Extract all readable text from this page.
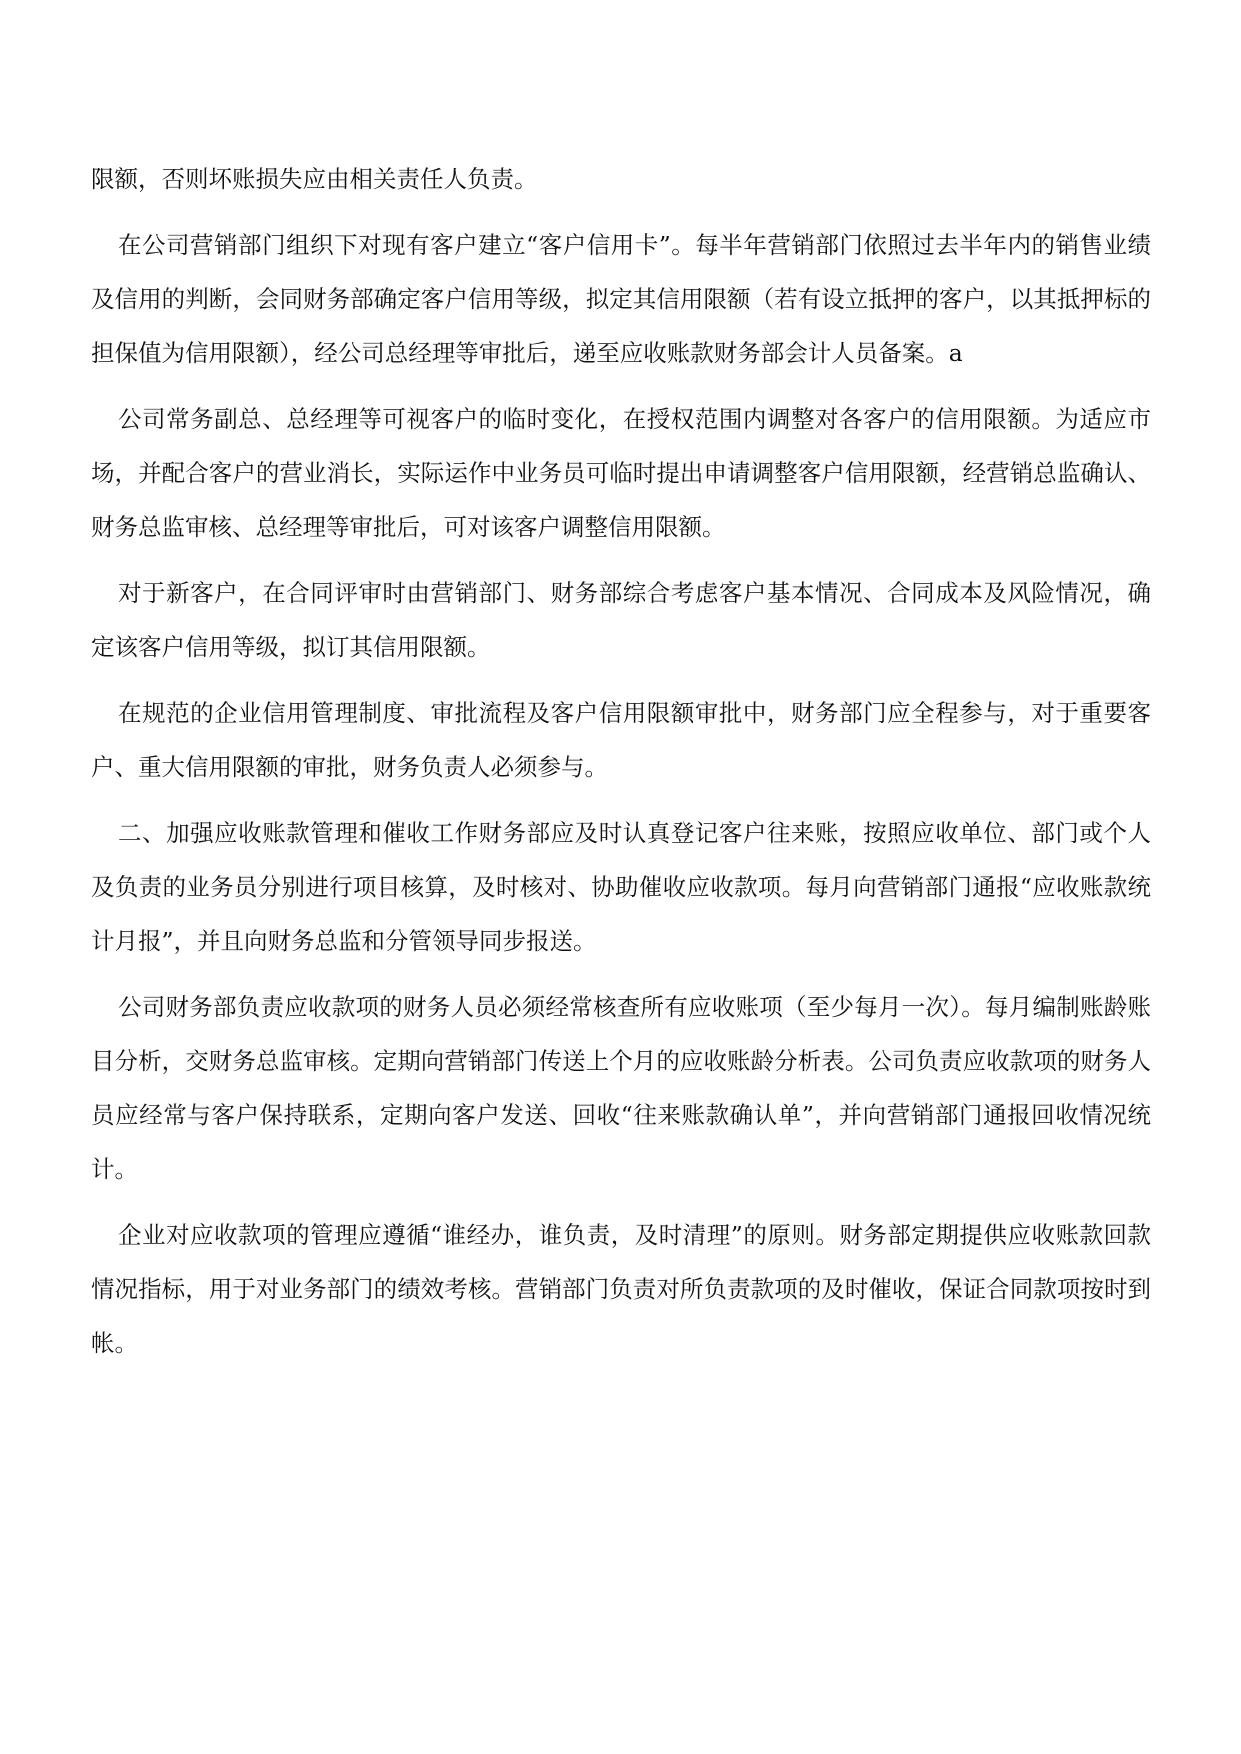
限额，否则坏账损失应由相关责任人负责。

在公司营销部门组织下对现有客户建立“客户信用卡”。每半年营销部门依照过去半年内的销售业绩及信用的判断，会同财务部确定客户信用等级，拟定其信用限额（若有设立抵押的客户，以其抵押标的担保值为信用限额），经公司总经理等审批后，递至应收账款财务部会计人员备案。a

公司常务副总、总经理等可视客户的临时变化，在授权范围内调整对各客户的信用限额。为适应市场，并配合客户的营业消长，实际运作中业务员可临时提出申请调整客户信用限额，经营销总监确认、财务总监审核、总经理等审批后，可对该客户调整信用限额。

对于新客户，在合同评审时由营销部门、财务部综合考虑客户基本情况、合同成本及风险情况，确定该客户信用等级，拟订其信用限额。

在规范的企业信用管理制度、审批流程及客户信用限额审批中，财务部门应全程参与，对于重要客户、重大信用限额的审批，财务负责人必须参与。

二、加强应收账款管理和催收工作财务部应及时认真登记客户往来账，按照应收单位、部门或个人及负责的业务员分别进行项目核算，及时核对、协助催收应收款项。每月向营销部门通报“应收账款统计月报”，并且向财务总监和分管领导同步报送。

公司财务部负责应收款项的财务人员必须经常核查所有应收账项（至少每月一次）。每月编制账龄账目分析，交财务总监审核。定期向营销部门传送上个月的应收账龄分析表。公司负责应收款项的财务人员应经常与客户保持联系，定期向客户发送、回收“往来账款确认单”，并向营销部门通报回收情况统计。

企业对应收款项的管理应遵循“谁经办，谁负责，及时清理”的原则。财务部定期提供应收账款回款情况指标，用于对业务部门的绩效考核。营销部门负责对所负责款项的及时催收，保证合同款项按时到帐。
